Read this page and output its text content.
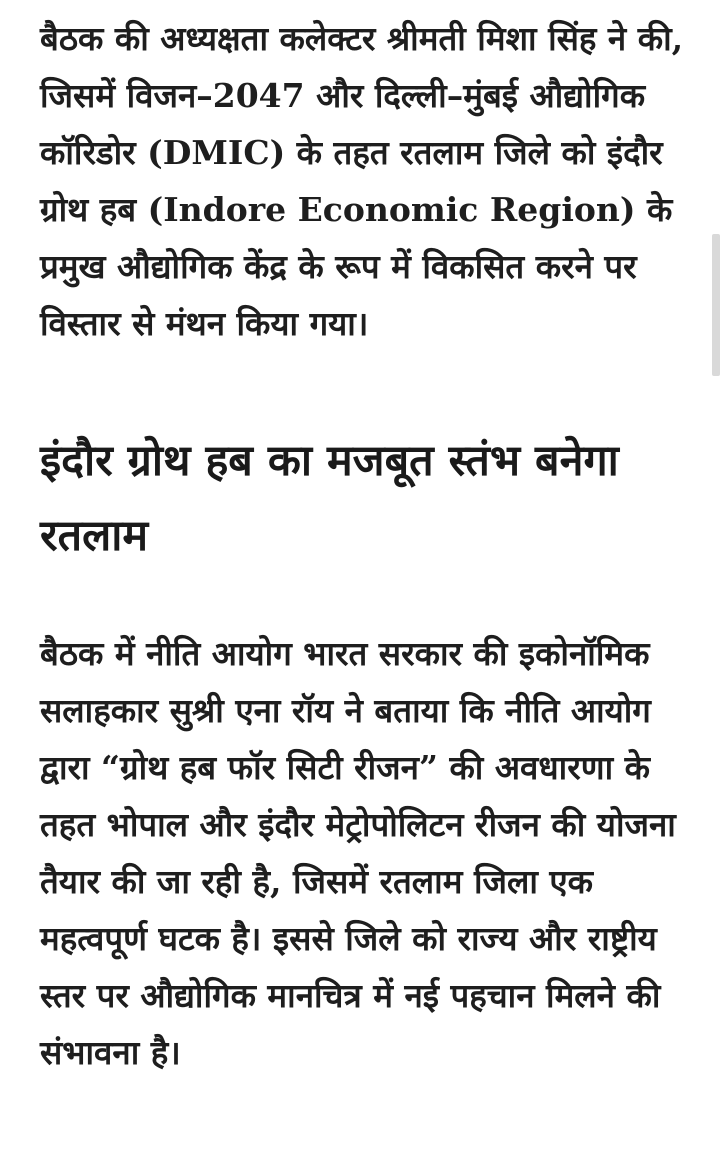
बैठक की अध्यक्षता कलेक्टर श्रीमती मिशा सिंह ने की, जिसमें विजन–2047 और दिल्ली–मुंबई औद्योगिक कॉरिडोर (DMIC) के तहत रतलाम जिले को इंदौर ग्रोथ हब (Indore Economic Region) के प्रमुख औद्योगिक केंद्र के रूप में विकसित करने पर विस्तार से मंथन किया गया।

इंदौर ग्रोथ हब का मजबूत स्तंभ बनेगा रतलाम

बैठक में नीति आयोग भारत सरकार की इकोनॉमिक सलाहकार सुश्री एना रॉय ने बताया कि नीति आयोग द्वारा “ग्रोथ हब फॉर सिटी रीजन” की अवधारणा के तहत भोपाल और इंदौर मेट्रोपोलिटन रीजन की योजना तैयार की जा रही है, जिसमें रतलाम जिला एक महत्वपूर्ण घटक है। इससे जिले को राज्य और राष्ट्रीय स्तर पर औद्योगिक मानचित्र में नई पहचान मिलने की संभावना है।
